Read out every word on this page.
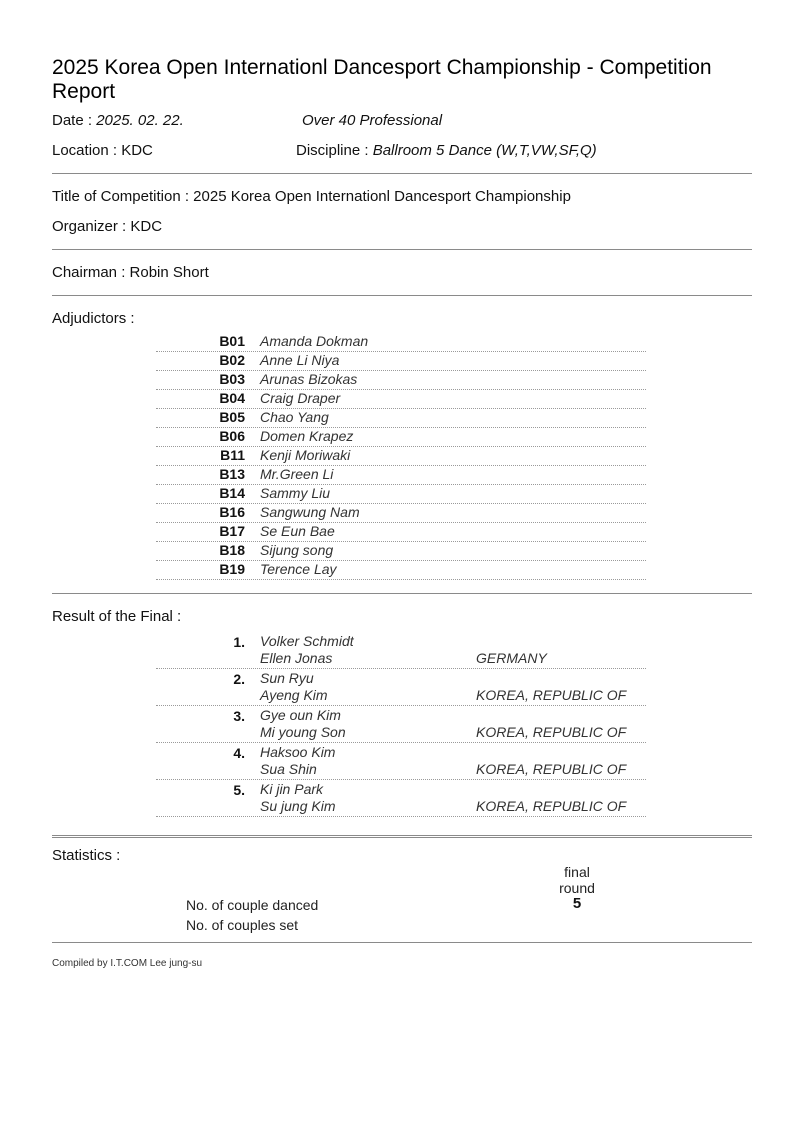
2025 Korea Open Internationl Dancesport Championship - Competition Report
Date : 2025. 02. 22.	Over 40 Professional
Location : KDC	Discipline : Ballroom 5 Dance (W,T,VW,SF,Q)
Title of Competition : 2025 Korea Open Internationl Dancesport Championship
Organizer : KDC
Chairman : Robin Short
Adjudictors :
B01 Amanda Dokman
B02 Anne Li Niya
B03 Arunas Bizokas
B04 Craig Draper
B05 Chao Yang
B06 Domen Krapez
B11 Kenji Moriwaki
B13 Mr.Green Li
B14 Sammy Liu
B16 Sangwung Nam
B17 Se Eun Bae
B18 Sijung song
B19 Terence Lay
Result of the Final :
1. Volker Schmidt
Ellen Jonas	GERMANY
2. Sun Ryu
Ayeng Kim	KOREA, REPUBLIC OF
3. Gye oun Kim
Mi young Son	KOREA, REPUBLIC OF
4. Haksoo Kim
Sua Shin	KOREA, REPUBLIC OF
5. Ki jin Park
Su jung Kim	KOREA, REPUBLIC OF
Statistics :
final
round
No. of couple danced	5
No. of couples set
Compiled by I.T.COM Lee jung-su
